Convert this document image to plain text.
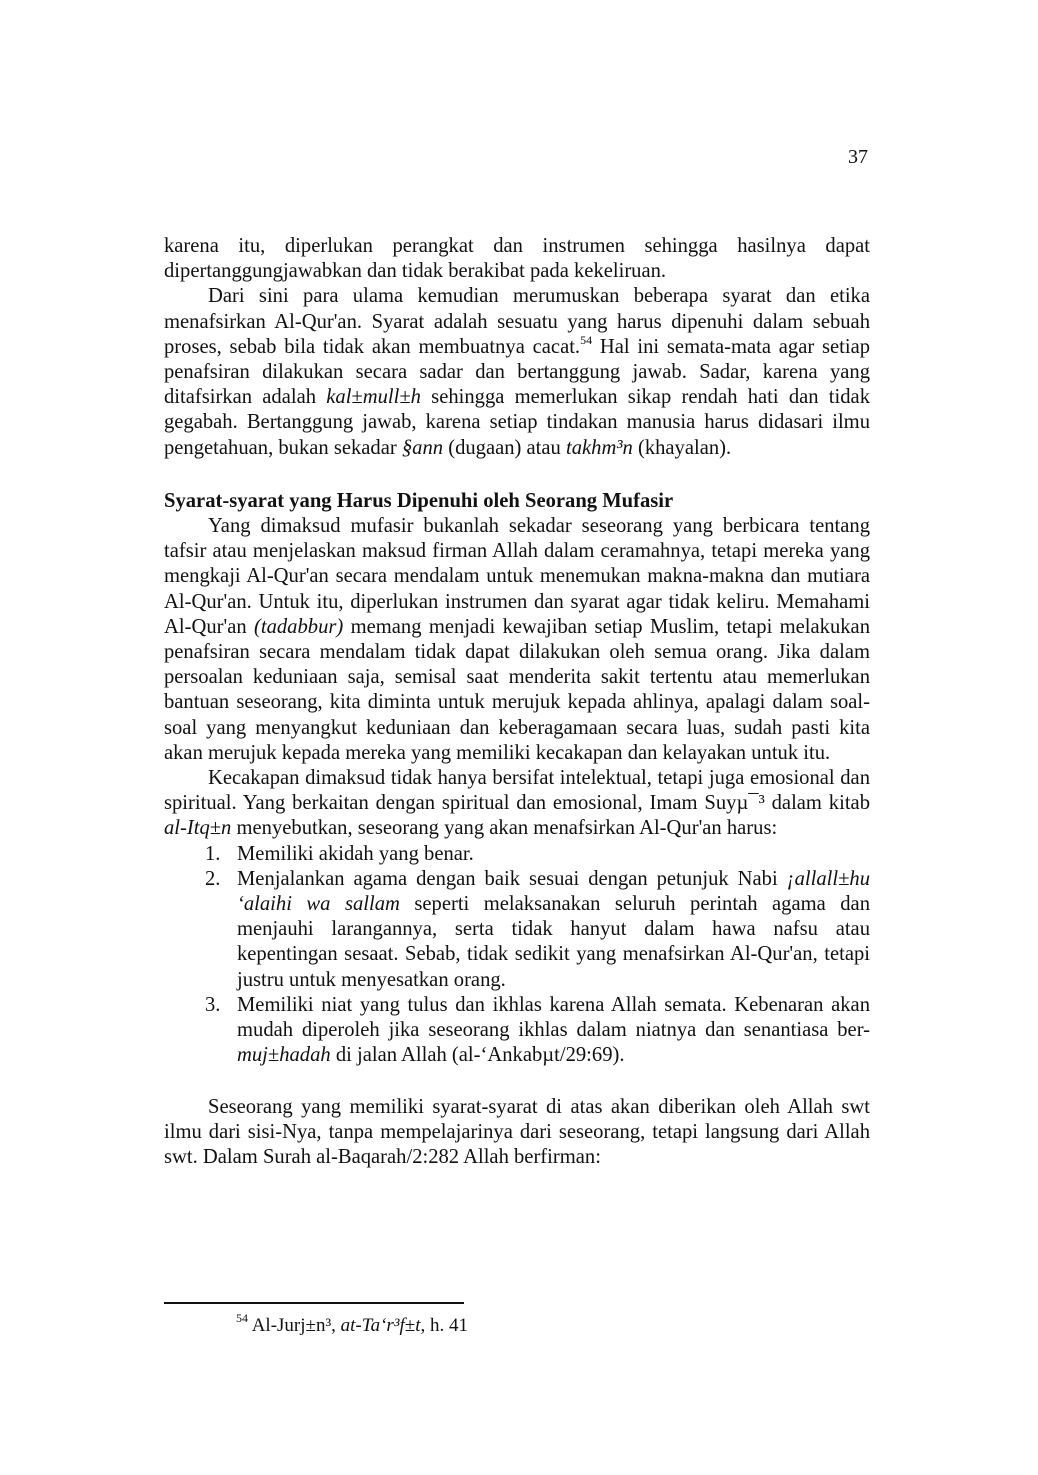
37

karena itu, diperlukan perangkat dan instrumen sehingga hasilnya dapat dipertanggungjawabkan dan tidak berakibat pada kekeliruan.

Dari sini para ulama kemudian merumuskan beberapa syarat dan etika menafsirkan Al-Qur'an. Syarat adalah sesuatu yang harus dipenuhi dalam sebuah proses, sebab bila tidak akan membuatnya cacat.$^{54}$ Hal ini semata-mata agar setiap penafsiran dilakukan secara sadar dan bertanggung jawab. Sadar, karena yang ditafsirkan adalah kal±mull±h sehingga memerlukan sikap rendah hati dan tidak gegabah. Bertanggung jawab, karena setiap tindakan manusia harus didasari ilmu pengetahuan, bukan sekadar §ann (dugaan) atau takhm³n (khayalan).

Syarat-syarat yang Harus Dipenuhi oleh Seorang Mufasir

Yang dimaksud mufasir bukanlah sekadar seseorang yang berbicara tentang tafsir atau menjelaskan maksud firman Allah dalam ceramahnya, tetapi mereka yang mengkaji Al-Qur'an secara mendalam untuk menemukan makna-makna dan mutiara Al-Qur'an. Untuk itu, diperlukan instrumen dan syarat agar tidak keliru. Memahami Al-Qur'an (tadabbur) memang menjadi kewajiban setiap Muslim, tetapi melakukan penafsiran secara mendalam tidak dapat dilakukan oleh semua orang. Jika dalam persoalan keduniaan saja, semisal saat menderita sakit tertentu atau memerlukan bantuan seseorang, kita diminta untuk merujuk kepada ahlinya, apalagi dalam soal-soal yang menyangkut keduniaan dan keberagamaan secara luas, sudah pasti kita akan merujuk kepada mereka yang memiliki kecakapan dan kelayakan untuk itu.

Kecakapan dimaksud tidak hanya bersifat intelektual, tetapi juga emosional dan spiritual. Yang berkaitan dengan spiritual dan emosional, Imam Suyµ¯³ dalam kitab al-Itq±n menyebutkan, seseorang yang akan menafsirkan Al-Qur'an harus:

1. Memiliki akidah yang benar.
2. Menjalankan agama dengan baik sesuai dengan petunjuk Nabi ¡allall±hu ‘alaihi wa sallam seperti melaksanakan seluruh perintah agama dan menjauhi larangannya, serta tidak hanyut dalam hawa nafsu atau kepentingan sesaat. Sebab, tidak sedikit yang menafsirkan Al-Qur'an, tetapi justru untuk menyesatkan orang.
3. Memiliki niat yang tulus dan ikhlas karena Allah semata. Kebenaran akan mudah diperoleh jika seseorang ikhlas dalam niatnya dan senantiasa ber-muj±hadah di jalan Allah (al-‘Ankabµt/29:69).

Seseorang yang memiliki syarat-syarat di atas akan diberikan oleh Allah swt ilmu dari sisi-Nya, tanpa mempelajarinya dari seseorang, tetapi langsung dari Allah swt. Dalam Surah al-Baqarah/2:282 Allah berfirman:

$^{54}$ Al-Jurj±n³, at-Ta‘r³f±t, h. 41
